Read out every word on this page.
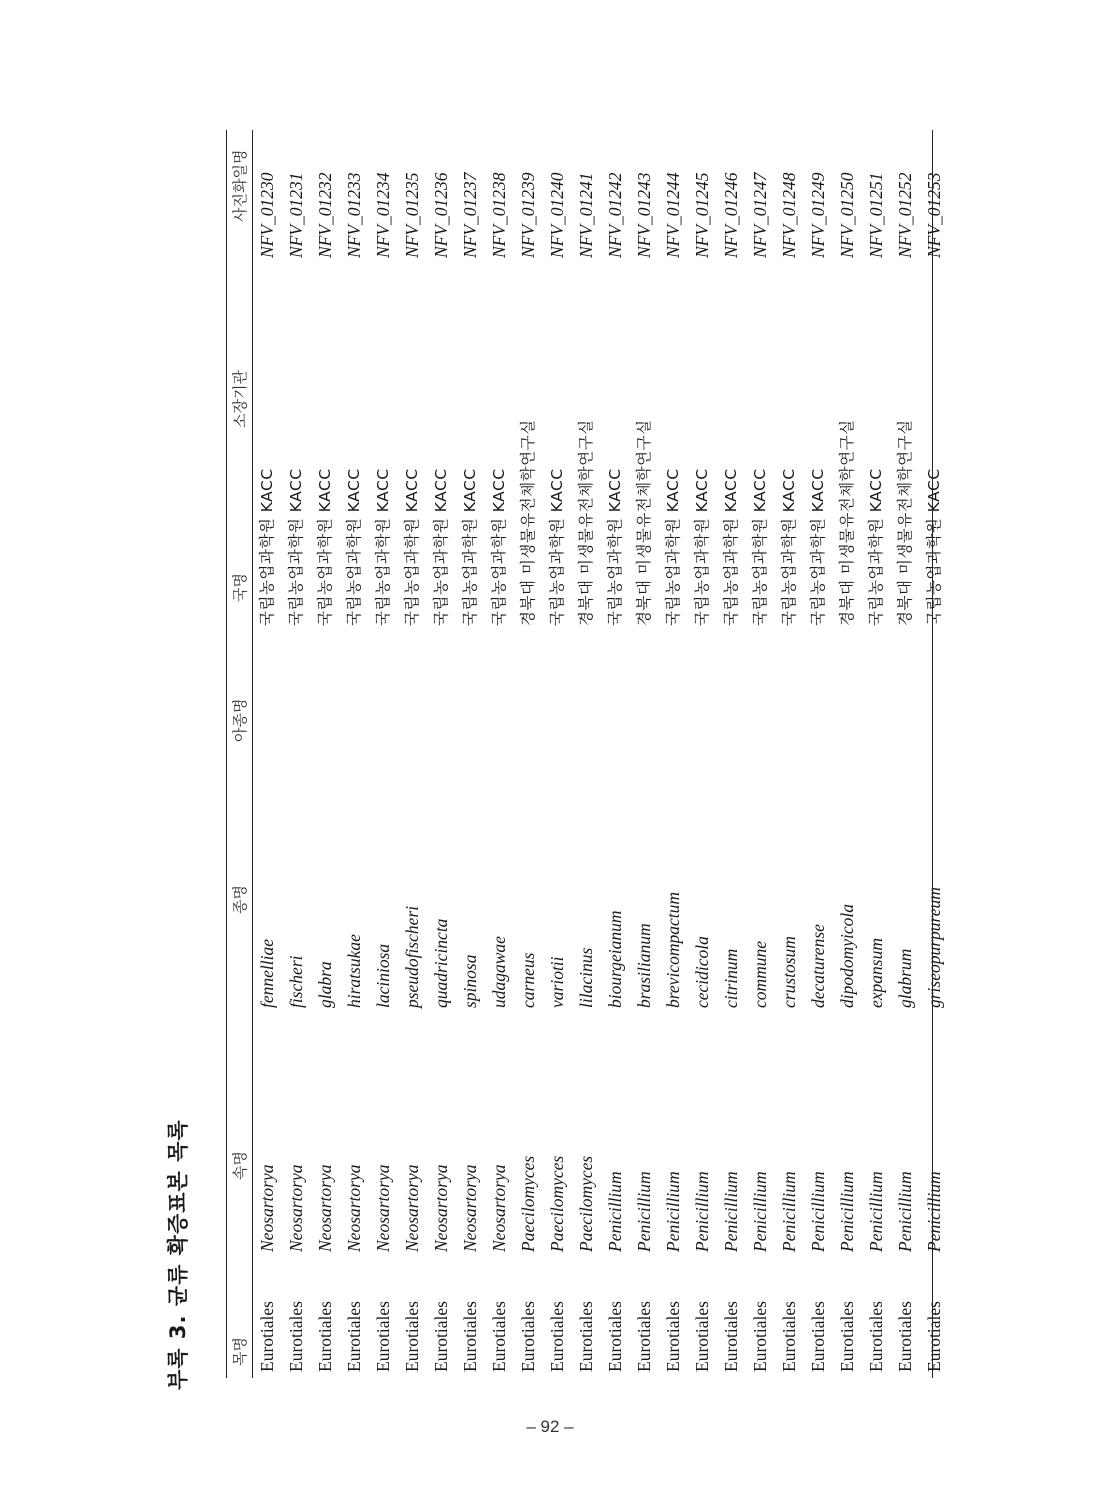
부록 3. 균류 확증표본 목록	목명
속명
종명
아종명
국명
소장기관
사진화일명
Eurotiales
Neosartorya
fennelliae
국립농업과학원 KACC
NFV_01230
Eurotiales
Neosartorya
fischeri
국립농업과학원 KACC
NFV_01231
Eurotiales
Neosartorya
glabra
국립농업과학원 KACC
NFV_01232
Eurotiales
Neosartorya
hiratsukae
국립농업과학원 KACC
NFV_01233
Eurotiales
Neosartorya
laciniosa
국립농업과학원 KACC
NFV_01234
Eurotiales
Neosartorya
pseudofischeri
국립농업과학원 KACC
NFV_01235
Eurotiales
Neosartorya
quadricincta
국립농업과학원 KACC
NFV_01236
Eurotiales
Neosartorya
spinosa
국립농업과학원 KACC
NFV_01237
Eurotiales
Neosartorya
udagawae
국립농업과학원 KACC
NFV_01238
Eurotiales
Paecilomyces
carneus
경북대 미생물유전체학연구실
NFV_01239
Eurotiales
Paecilomyces
variotii
국립농업과학원 KACC
NFV_01240
Eurotiales
Paecilomyces
lilacinus
경북대 미생물유전체학연구실
NFV_01241
Eurotiales
Penicillium
biourgeianum
국립농업과학원 KACC
NFV_01242
Eurotiales
Penicillium
brasilianum
경북대 미생물유전체학연구실
NFV_01243
Eurotiales
Penicillium
brevicompactum
국립농업과학원 KACC
NFV_01244
Eurotiales
Penicillium
cecidicola
국립농업과학원 KACC
NFV_01245
Eurotiales
Penicillium
citrinum
국립농업과학원 KACC
NFV_01246
Eurotiales
Penicillium
commune
국립농업과학원 KACC
NFV_01247
Eurotiales
Penicillium
crustosum
국립농업과학원 KACC
NFV_01248
Eurotiales
Penicillium
decaturense
국립농업과학원 KACC
NFV_01249
Eurotiales
Penicillium
dipodomyicola
경북대 미생물유전체학연구실
NFV_01250
Eurotiales
Penicillium
expansum
국립농업과학원 KACC
NFV_01251
Eurotiales
Penicillium
glabrum
경북대 미생물유전체학연구실
NFV_01252
Eurotiales
Penicillium
griseopurpureum
국립농업과학원 KACC
NFV_01253
– 92 –
